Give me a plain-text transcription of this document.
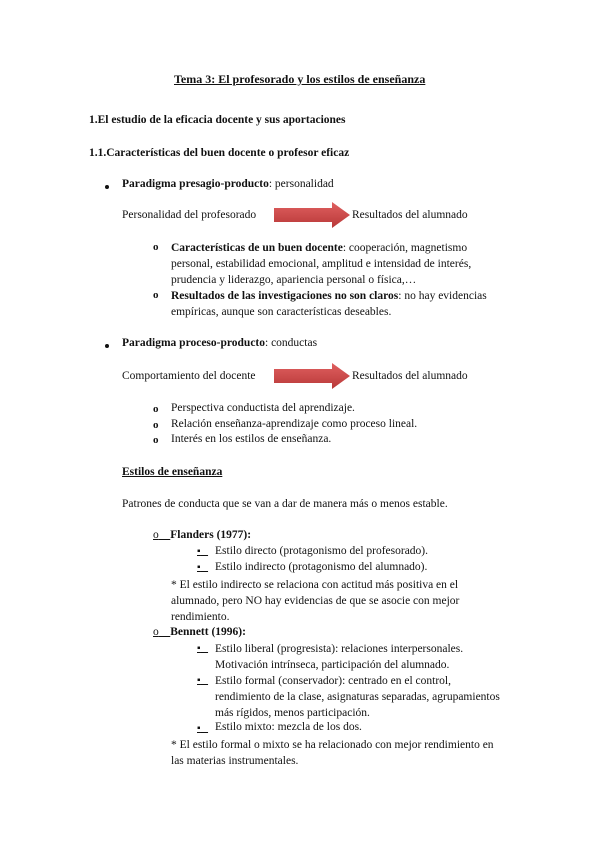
Tema 3: El profesorado y los estilos de enseñanza
1.El estudio de la eficacia docente y sus aportaciones
1.1.Características del buen docente o profesor eficaz
Paradigma presagio-producto: personalidad
Personalidad del profesorado	Resultados del alumnado
o Características de un buen docente: cooperación, magnetismo
personal, estabilidad emocional, amplitud e intensidad de interés,
prudencia y liderazgo, apariencia personal o física,…
o Resultados de las investigaciones no son claros: no hay evidencias
empíricas, aunque son características deseables.
Paradigma proceso-producto: conductas
Comportamiento del docente	Resultados del alumnado
o Perspectiva conductista del aprendizaje.
o Relación enseñanza-aprendizaje como proceso lineal.
o Interés en los estilos de enseñanza.
Estilos de enseñanza
Patrones de conducta que se van a dar de manera más o menos estable.
o Flanders (1977):
▪	Estilo directo (protagonismo del profesorado).
▪	Estilo indirecto (protagonismo del alumnado).
* El estilo indirecto se relaciona con actitud más positiva en el
alumnado, pero NO hay evidencias de que se asocie con mejor
rendimiento.
o Bennett (1996):
▪	Estilo liberal (progresista): relaciones interpersonales.
Motivación intrínseca, participación del alumnado.
▪	Estilo formal (conservador): centrado en el control,
rendimiento de la clase, asignaturas separadas, agrupamientos
más rígidos, menos participación.
▪	Estilo mixto: mezcla de los dos.
* El estilo formal o mixto se ha relacionado con mejor rendimiento en
las materias instrumentales.
